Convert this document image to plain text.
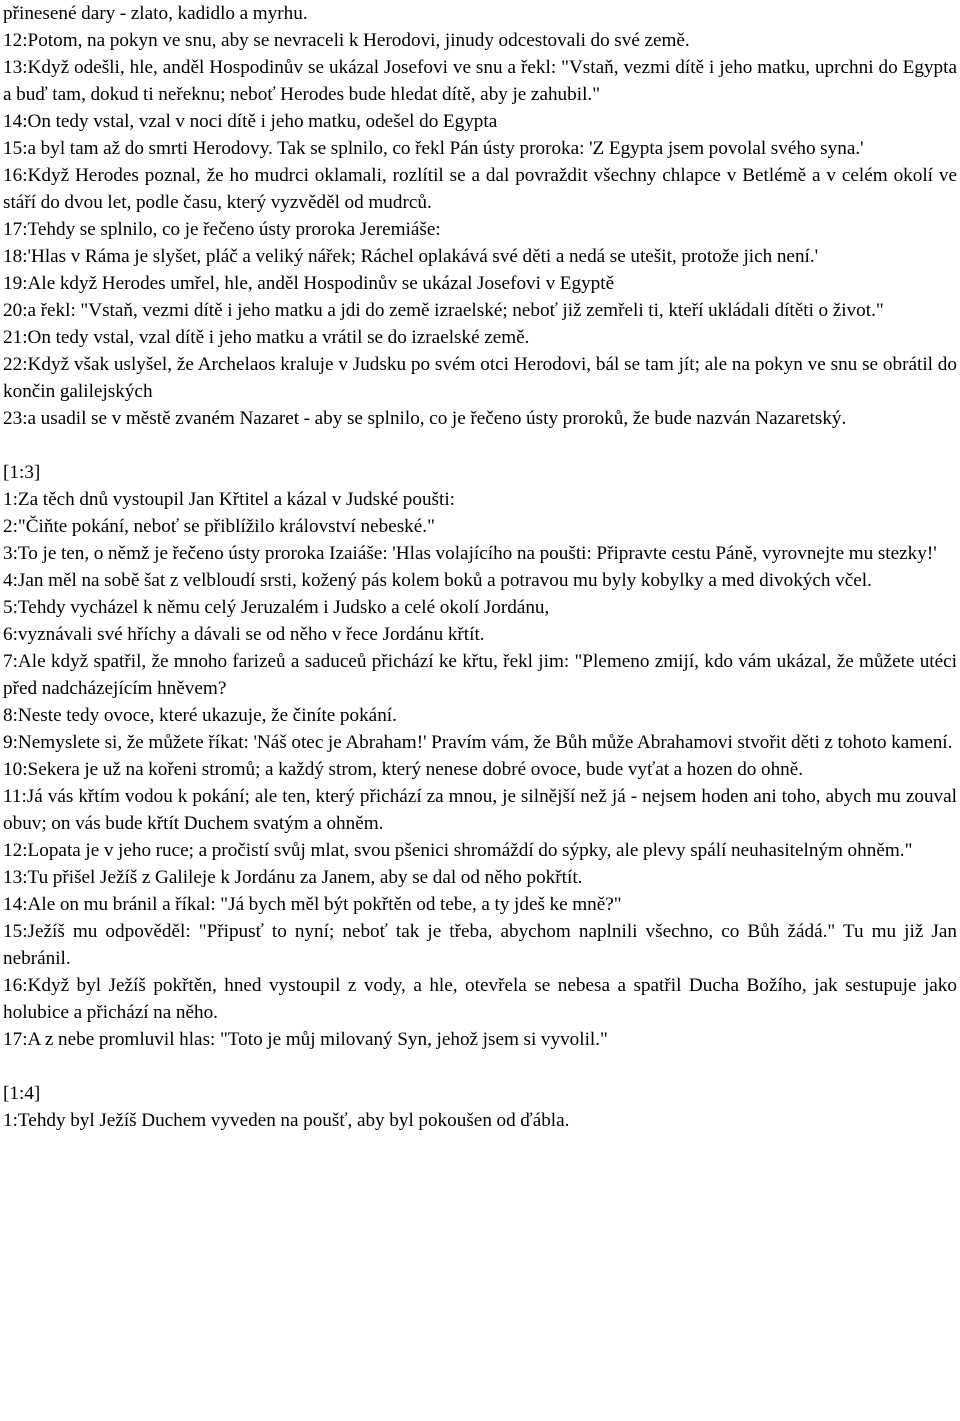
přinesené dary - zlato, kadidlo a myrhu.

12:Potom, na pokyn ve snu, aby se nevraceli k Herodovi, jinudy odcestovali do své země.

13:Když odešli, hle, anděl Hospodinův se ukázal Josefovi ve snu a řekl: "Vstaň, vezmi dítě i jeho matku, uprchni do Egypta a buď tam, dokud ti neřeknu; neboť Herodes bude hledat dítě, aby je zahubil."

14:On tedy vstal, vzal v noci dítě i jeho matku, odešel do Egypta

15:a byl tam až do smrti Herodovy. Tak se splnilo, co řekl Pán ústy proroka: 'Z Egypta jsem povolal svého syna.'

16:Když Herodes poznal, že ho mudrci oklamali, rozlítil se a dal povraždit všechny chlapce v Betlémě a v celém okolí ve stáří do dvou let, podle času, který vyzvěděl od mudrců.

17:Tehdy se splnilo, co je řečeno ústy proroka Jeremiáše:

18:'Hlas v Ráma je slyšet, pláč a veliký nářek; Ráchel oplakává své děti a nedá se utešit, protože jich není.'

19:Ale když Herodes umřel, hle, anděl Hospodinův se ukázal Josefovi v Egyptě

20:a řekl: "Vstaň, vezmi dítě i jeho matku a jdi do země izraelské; neboť již zemřeli ti, kteří ukládali dítěti o život."

21:On tedy vstal, vzal dítě i jeho matku a vrátil se do izraelské země.

22:Když však uslyšel, že Archelaos kraluje v Judsku po svém otci Herodovi, bál se tam jít; ale na pokyn ve snu se obrátil do končin galilejských

23:a usadil se v městě zvaném Nazaret - aby se splnilo, co je řečeno ústy proroků, že bude nazván Nazaretský.

[1:3]

1:Za těch dnů vystoupil Jan Křtitel a kázal v Judské poušti:

2:"Čiňte pokání, neboť se přiblížilo království nebeské."

3:To je ten, o němž je řečeno ústy proroka Izaiáše: 'Hlas volajícího na poušti: Připravte cestu Páně, vyrovnejte mu stezky!'

4:Jan měl na sobě šat z velbloudí srsti, kožený pás kolem boků a potravou mu byly kobylky a med divokých včel.

5:Tehdy vycházel k němu celý Jeruzalém i Judsko a celé okolí Jordánu,

6:vyznávali své hříchy a dávali se od něho v řece Jordánu křtít.

7:Ale když spatřil, že mnoho farizeů a saduceů přichází ke křtu, řekl jim: "Plemeno zmijí, kdo vám ukázal, že můžete utéci před nadcházejícím hněvem?

8:Neste tedy ovoce, které ukazuje, že činíte pokání.

9:Nemyslete si, že můžete říkat: 'Náš otec je Abraham!' Pravím vám, že Bůh může Abrahamovi stvořit děti z tohoto kamení.

10:Sekera je už na kořeni stromů; a každý strom, který nenese dobré ovoce, bude vyťat a hozen do ohně.

11:Já vás křtím vodou k pokání; ale ten, který přichází za mnou, je silnější než já - nejsem hoden ani toho, abych mu zouval obuv; on vás bude křtít Duchem svatým a ohněm.

12:Lopata je v jeho ruce; a pročistí svůj mlat, svou pšenici shromáždí do sýpky, ale plevy spálí neuhasitelným ohněm."

13:Tu přišel Ježíš z Galileje k Jordánu za Janem, aby se dal od něho pokřtít.

14:Ale on mu bránil a říkal: "Já bych měl být pokřtěn od tebe, a ty jdeš ke mně?"

15:Ježíš mu odpověděl: "Připusť to nyní; neboť tak je třeba, abychom naplnili všechno, co Bůh žádá." Tu mu již Jan nebránil.

16:Když byl Ježíš pokřtěn, hned vystoupil z vody, a hle, otevřela se nebesa a spatřil Ducha Božího, jak sestupuje jako holubice a přichází na něho.

17:A z nebe promluvil hlas: "Toto je můj milovaný Syn, jehož jsem si vyvolil."

[1:4]

1:Tehdy byl Ježíš Duchem vyveden na poušť, aby byl pokoušen od ďábla.
